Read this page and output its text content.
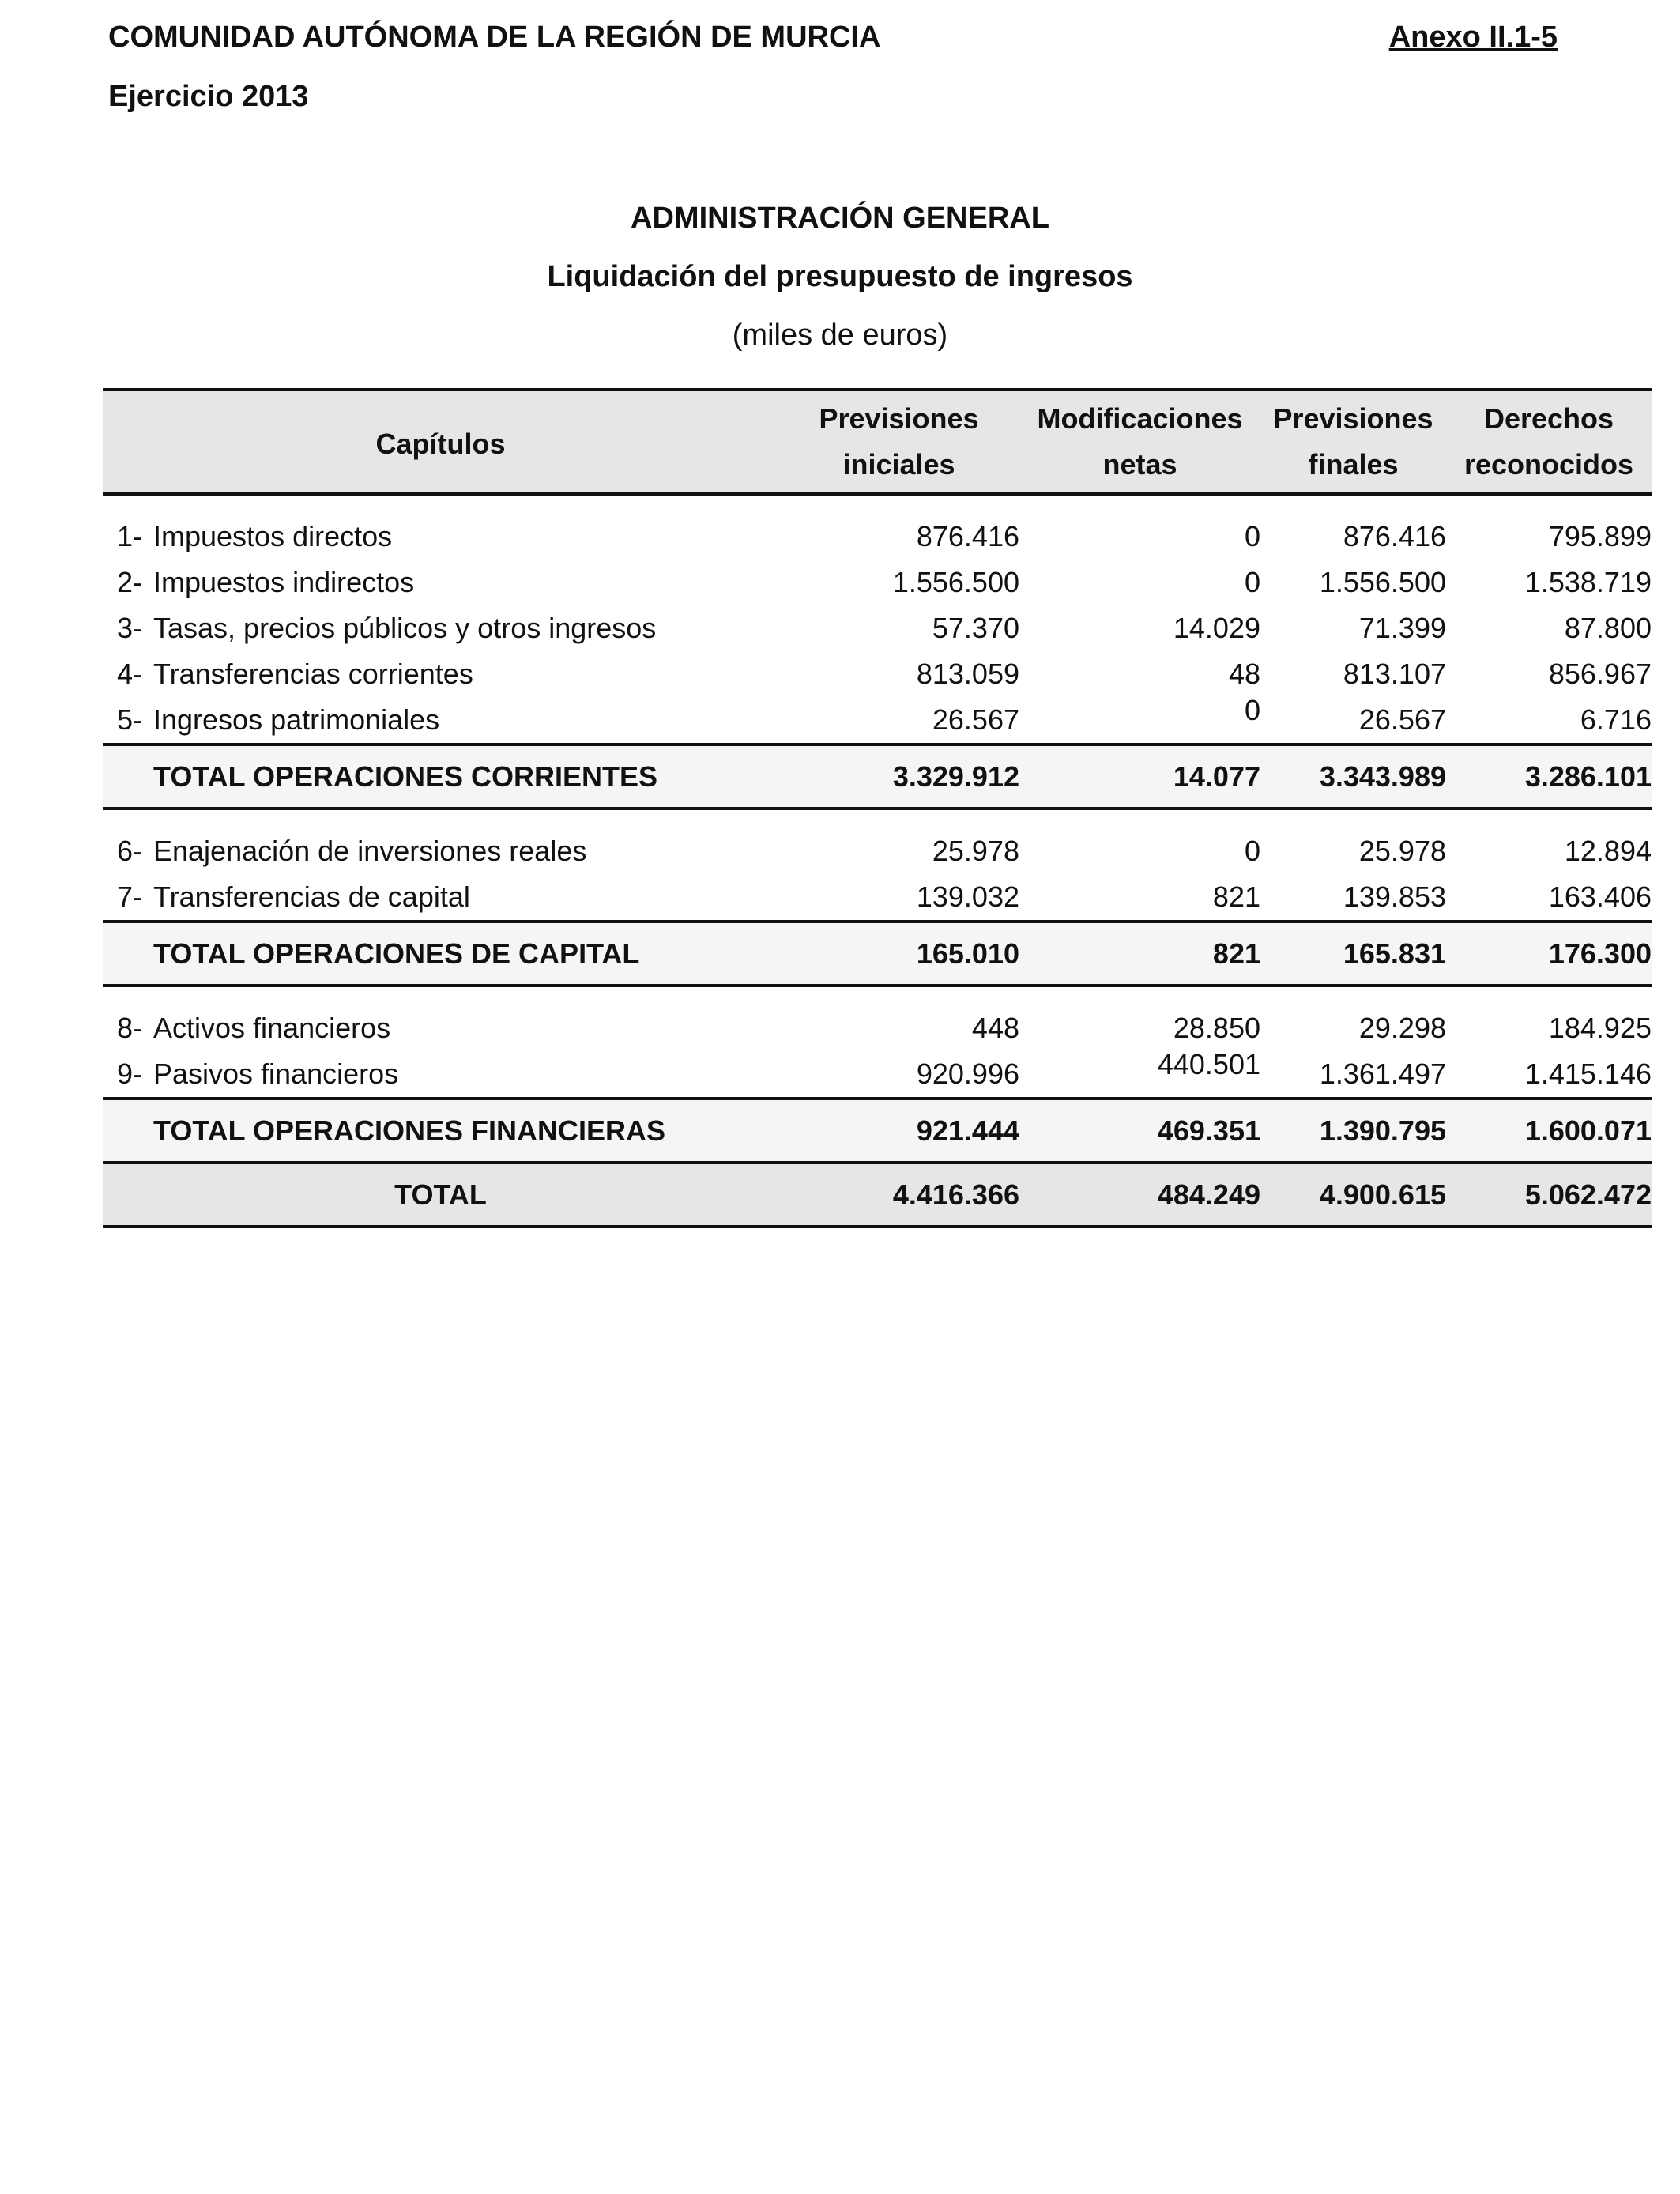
COMUNIDAD AUTÓNOMA DE LA REGIÓN DE MURCIA
Ejercicio 2013
Anexo II.1-5
ADMINISTRACIÓN GENERAL
Liquidación del presupuesto de ingresos
(miles de euros)
Capítulos	Previsiones	Modificaciones	Previsiones	Derechos
	iniciales	netas	finales	reconocidos

1- Impuestos directos	876.416	0	876.416	795.899
2- Impuestos indirectos	1.556.500	0	1.556.500	1.538.719
3- Tasas, precios públicos y otros ingresos	57.370	14.029	71.399	87.800
4- Transferencias corrientes	813.059	48	813.107	856.967
5- Ingresos patrimoniales	26.567	0	26.567	6.716
TOTAL OPERACIONES CORRIENTES	3.329.912	14.077	3.343.989	3.286.101

6- Enajenación de inversiones reales	25.978	0	25.978	12.894
7- Transferencias de capital	139.032	821	139.853	163.406
TOTAL OPERACIONES DE CAPITAL	165.010	821	165.831	176.300

8- Activos financieros	448	28.850	29.298	184.925
9- Pasivos financieros	920.996	440.501	1.361.497	1.415.146
TOTAL OPERACIONES FINANCIERAS	921.444	469.351	1.390.795	1.600.071
TOTAL	4.416.366	484.249	4.900.615	5.062.472
